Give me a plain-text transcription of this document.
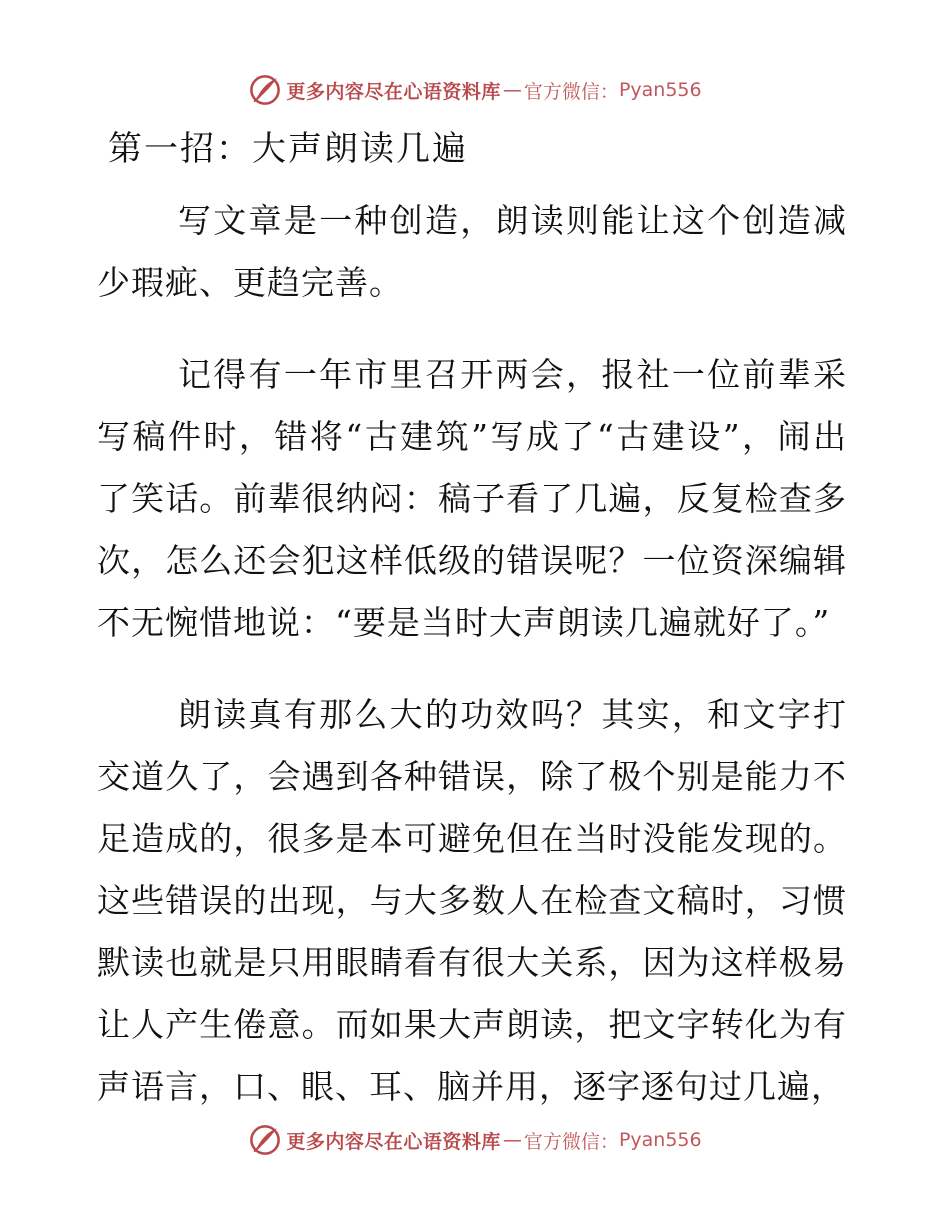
更多内容尽在心语资料库 — 官方微信： Pyan556
第一招：大声朗读几遍

写文章是一种创造，朗读则能让这个创造减少瑕疵、更趋完善。

记得有一年市里召开两会，报社一位前辈采写稿件时，错将“古建筑”写成了“古建设”，闹出了笑话。前辈很纳闷：稿子看了几遍，反复检查多次，怎么还会犯这样低级的错误呢？一位资深编辑不无惋惜地说：“要是当时大声朗读几遍就好了。”

朗读真有那么大的功效吗？其实，和文字打交道久了，会遇到各种错误，除了极个别是能力不足造成的，很多是本可避免但在当时没能发现的。这些错误的出现，与大多数人在检查文稿时，习惯默读也就是只用眼睛看有很大关系，因为这样极易让人产生倦意。而如果大声朗读，把文字转化为有声语言，口、眼、耳、脑并用，逐字逐句过几遍，

更多内容尽在心语资料库 — 官方微信： Pyan556
